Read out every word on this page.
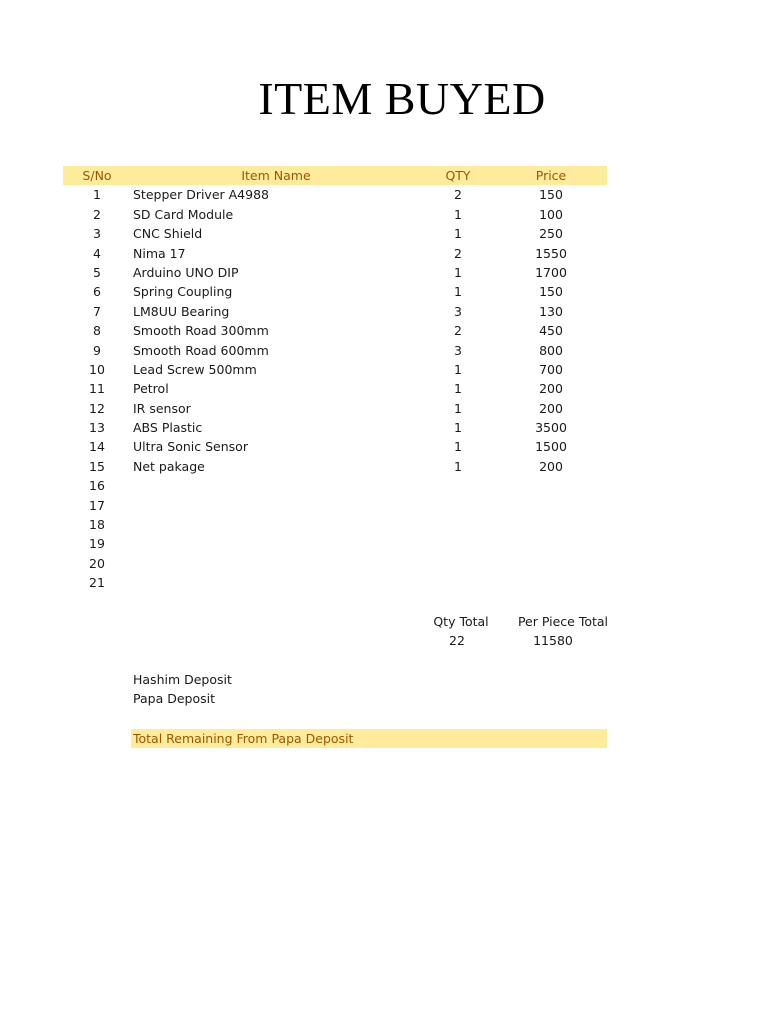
ITEM BUYED
S/No	Item Name	QTY	Price
1	Stepper Driver A4988	2	150
2	SD Card Module	1	100
3	CNC Shield	1	250
4	Nima 17	2	1550
5	Arduino UNO DIP	1	1700
6	Spring Coupling	1	150
7	LM8UU Bearing	3	130
8	Smooth Road 300mm	2	450
9	Smooth Road 600mm	3	800
10	Lead Screw 500mm	1	700
11	Petrol	1	200
12	IR sensor	1	200
13	ABS Plastic	1	3500
14	Ultra Sonic Sensor	1	1500
15	Net pakage	1	200
16
17
18
19
20
21
Qty Total	Per Piece Total
22	11580
Hashim Deposit
Papa Deposit
Total Remaining From Papa Deposit
